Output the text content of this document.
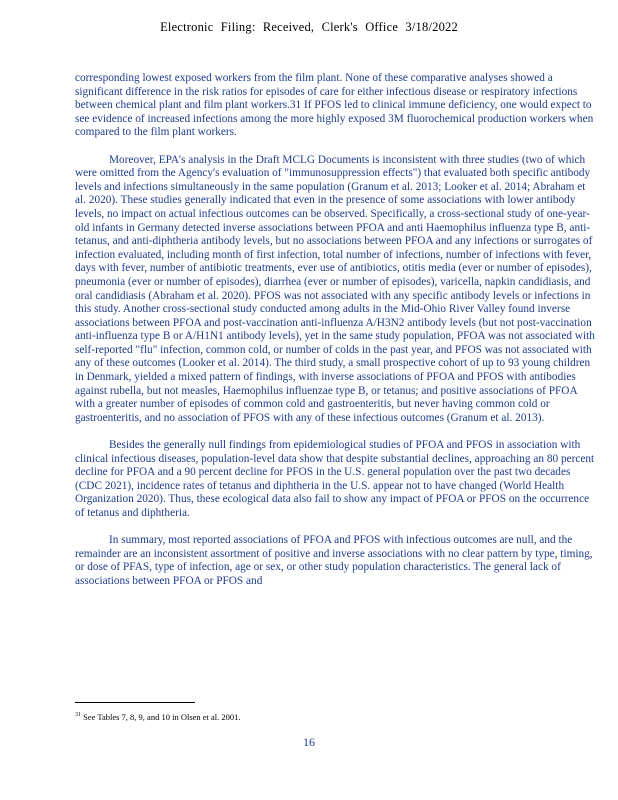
Electronic Filing: Received, Clerk's Office 3/18/2022

corresponding lowest exposed workers from the film plant. None of these comparative analyses showed a significant difference in the risk ratios for episodes of care for either infectious disease or respiratory infections between chemical plant and film plant workers.31 If PFOS led to clinical immune deficiency, one would expect to see evidence of increased infections among the more highly exposed 3M fluorochemical production workers when compared to the film plant workers.

Moreover, EPA's analysis in the Draft MCLG Documents is inconsistent with three studies (two of which were omitted from the Agency's evaluation of "immunosuppression effects") that evaluated both specific antibody levels and infections simultaneously in the same population (Granum et al. 2013; Looker et al. 2014; Abraham et al. 2020). These studies generally indicated that even in the presence of some associations with lower antibody levels, no impact on actual infectious outcomes can be observed. Specifically, a cross-sectional study of one-year-old infants in Germany detected inverse associations between PFOA and anti Haemophilus influenza type B, anti-tetanus, and anti-diphtheria antibody levels, but no associations between PFOA and any infections or surrogates of infection evaluated, including month of first infection, total number of infections, number of infections with fever, days with fever, number of antibiotic treatments, ever use of antibiotics, otitis media (ever or number of episodes), pneumonia (ever or number of episodes), diarrhea (ever or number of episodes), varicella, napkin candidiasis, and oral candidiasis (Abraham et al. 2020). PFOS was not associated with any specific antibody levels or infections in this study. Another cross-sectional study conducted among adults in the Mid-Ohio River Valley found inverse associations between PFOA and post-vaccination anti-influenza A/H3N2 antibody levels (but not post-vaccination anti-influenza type B or A/H1N1 antibody levels), yet in the same study population, PFOA was not associated with self-reported "flu" infection, common cold, or number of colds in the past year, and PFOS was not associated with any of these outcomes (Looker et al. 2014). The third study, a small prospective cohort of up to 93 young children in Denmark, yielded a mixed pattern of findings, with inverse associations of PFOA and PFOS with antibodies against rubella, but not measles, Haemophilus influenzae type B, or tetanus; and positive associations of PFOA with a greater number of episodes of common cold and gastroenteritis, but never having common cold or gastroenteritis, and no association of PFOS with any of these infectious outcomes (Granum et al. 2013).

Besides the generally null findings from epidemiological studies of PFOA and PFOS in association with clinical infectious diseases, population-level data show that despite substantial declines, approaching an 80 percent decline for PFOA and a 90 percent decline for PFOS in the U.S. general population over the past two decades (CDC 2021), incidence rates of tetanus and diphtheria in the U.S. appear not to have changed (World Health Organization 2020). Thus, these ecological data also fail to show any impact of PFOA or PFOS on the occurrence of tetanus and diphtheria.

In summary, most reported associations of PFOA and PFOS with infectious outcomes are null, and the remainder are an inconsistent assortment of positive and inverse associations with no clear pattern by type, timing, or dose of PFAS, type of infection, age or sex, or other study population characteristics. The general lack of associations between PFOA or PFOS and

$^{31}$ See Tables 7, 8, 9, and 10 in Olsen et al. 2001.
16
